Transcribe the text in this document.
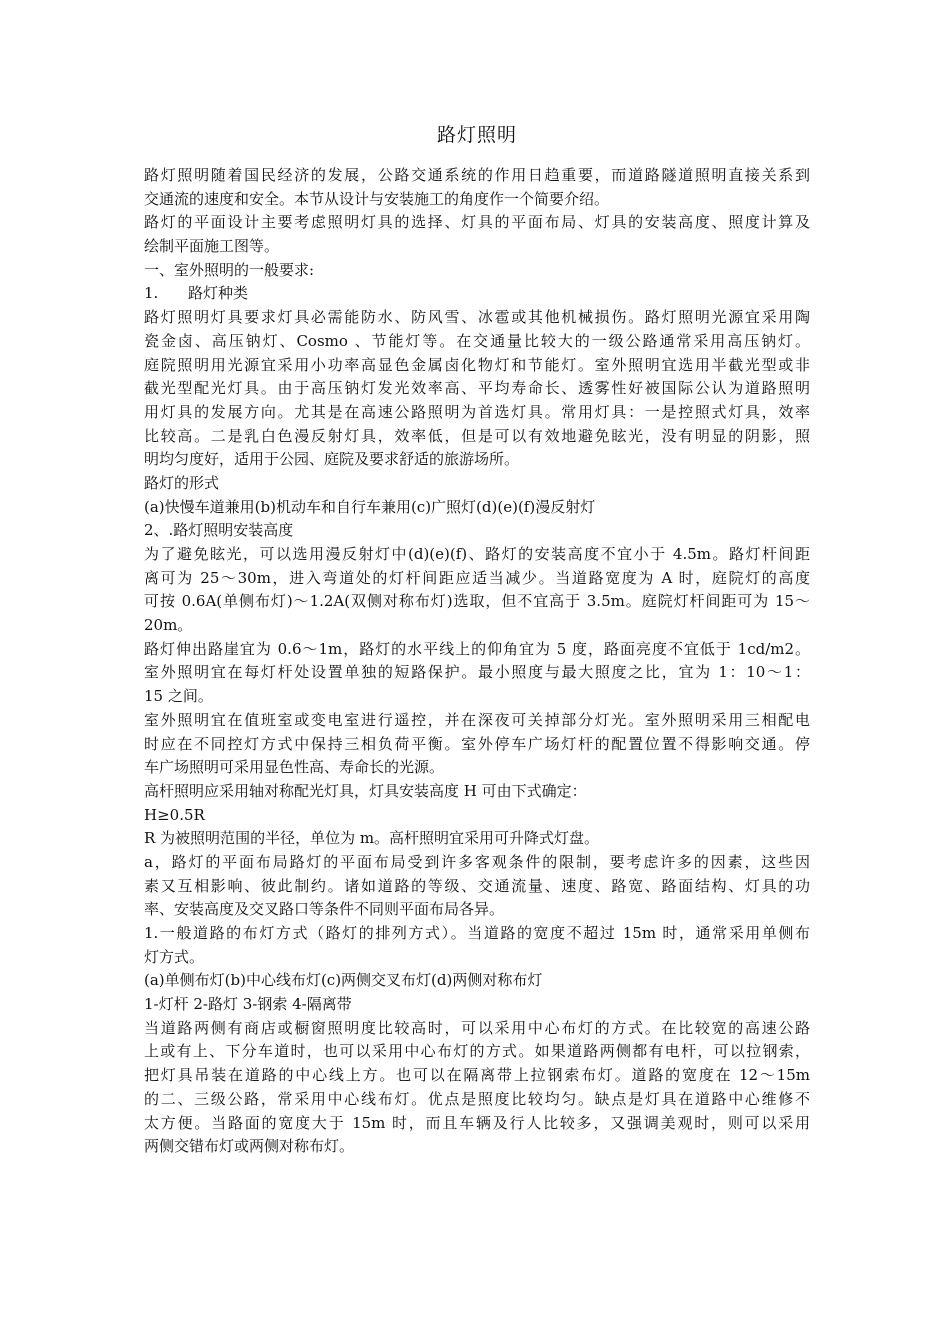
路灯照明

路灯照明随着国民经济的发展，公路交通系统的作用日趋重要，而道路隧道照明直接关系到
交通流的速度和安全。本节从设计与安装施工的角度作一个简要介绍。

路灯的平面设计主要考虑照明灯具的选择、灯具的平面布局、灯具的安装高度、照度计算及
绘制平面施工图等。

一、室外照明的一般要求:

1. 路灯种类

路灯照明灯具要求灯具必需能防水、防风雪、冰雹或其他机械损伤。路灯照明光源宜采用陶
瓷金卤、高压钠灯、Cosmo 、节能灯等。在交通量比较大的一级公路通常采用高压钠灯。
庭院照明用光源宜采用小功率高显色金属卤化物灯和节能灯。室外照明宜选用半截光型或非
截光型配光灯具。由于高压钠灯发光效率高、平均寿命长、透雾性好被国际公认为道路照明
用灯具的发展方向。尤其是在高速公路照明为首选灯具。常用灯具：一是控照式灯具，效率
比较高。二是乳白色漫反射灯具，效率低，但是可以有效地避免眩光，没有明显的阴影，照
明均匀度好，适用于公园、庭院及要求舒适的旅游场所。

路灯的形式

(a)快慢车道兼用(b)机动车和自行车兼用(c)广照灯(d)(e)(f)漫反射灯

2、.路灯照明安装高度

为了避免眩光，可以选用漫反射灯中(d)(e)(f)、路灯的安装高度不宜小于 4.5m。路灯杆间距
离可为 25～30m，进入弯道处的灯杆间距应适当减少。当道路宽度为 A 时，庭院灯的高度
可按 0.6A(单侧布灯)～1.2A(双侧对称布灯)选取，但不宜高于 3.5m。庭院灯杆间距可为 15～
20m。

路灯伸出路崖宜为 0.6～1m，路灯的水平线上的仰角宜为 5 度，路面亮度不宜低于 1cd/m2。
室外照明宜在每灯杆处设置单独的短路保护。最小照度与最大照度之比，宜为 1：10～1：
15 之间。

室外照明宜在值班室或变电室进行遥控，并在深夜可关掉部分灯光。室外照明采用三相配电
时应在不同控灯方式中保持三相负荷平衡。室外停车广场灯杆的配置位置不得影响交通。停
车广场照明可采用显色性高、寿命长的光源。

高杆照明应采用轴对称配光灯具，灯具安装高度 H 可由下式确定：

H≥0.5R

R 为被照明范围的半径，单位为 m。高杆照明宜采用可升降式灯盘。

a，路灯的平面布局路灯的平面布局受到许多客观条件的限制，要考虑许多的因素，这些因
素又互相影响、彼此制约。诸如道路的等级、交通流量、速度、路宽、路面结构、灯具的功
率、安装高度及交叉路口等条件不同则平面布局各异。

1.一般道路的布灯方式（路灯的排列方式）。当道路的宽度不超过 15m 时，通常采用单侧布
灯方式。

(a)单侧布灯(b)中心线布灯(c)两侧交叉布灯(d)两侧对称布灯

1-灯杆 2-路灯 3-钢索 4-隔离带

当道路两侧有商店或橱窗照明度比较高时，可以采用中心布灯的方式。在比较宽的高速公路
上或有上、下分车道时，也可以采用中心布灯的方式。如果道路两侧都有电杆，可以拉钢索，
把灯具吊装在道路的中心线上方。也可以在隔离带上拉钢索布灯。道路的宽度在 12～15m
的二、三级公路，常采用中心线布灯。优点是照度比较均匀。缺点是灯具在道路中心维修不
太方便。当路面的宽度大于 15m 时，而且车辆及行人比较多，又强调美观时，则可以采用
两侧交错布灯或两侧对称布灯。
